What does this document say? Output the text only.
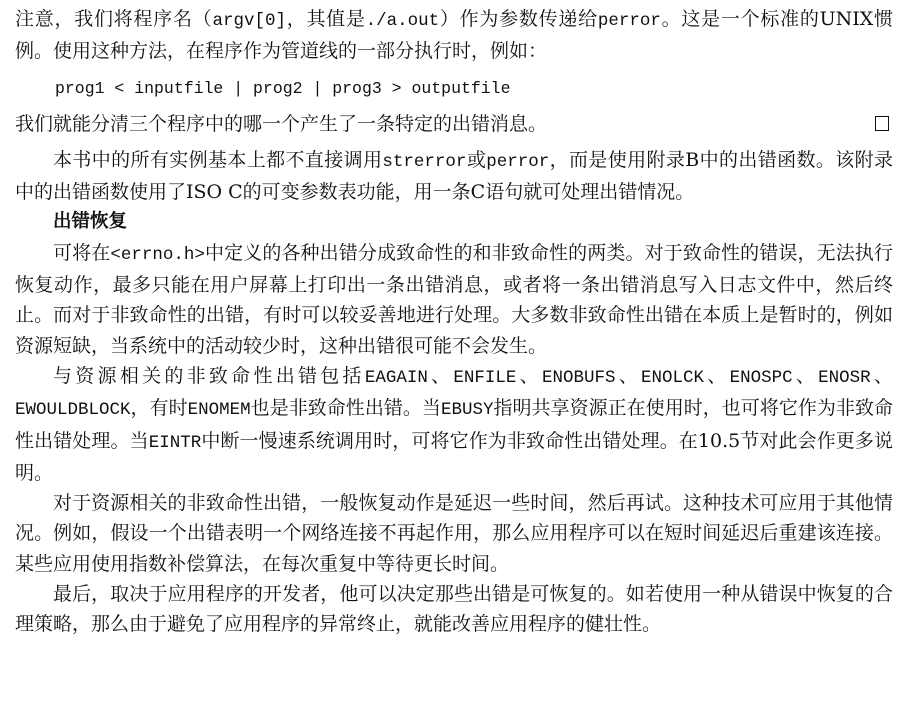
注意，我们将程序名（argv[0]，其值是./a.out）作为参数传递给perror。这是一个标准的UNIX惯例。使用这种方法，在程序作为管道线的一部分执行时，例如：

prog1 < inputfile | prog2 | prog3 > outputfile
我们就能分清三个程序中的哪一个产生了一条特定的出错消息。

本书中的所有实例基本上都不直接调用strerror或perror，而是使用附录B中的出错函数。该附录中的出错函数使用了ISO C的可变参数表功能，用一条C语句就可处理出错情况。

出错恢复

可将在<errno.h>中定义的各种出错分成致命性的和非致命性的两类。对于致命性的错误，无法执行恢复动作，最多只能在用户屏幕上打印出一条出错消息，或者将一条出错消息写入日志文件中，然后终止。而对于非致命性的出错，有时可以较妥善地进行处理。大多数非致命性出错在本质上是暂时的，例如资源短缺，当系统中的活动较少时，这种出错很可能不会发生。

与资源相关的非致命性出错包括EAGAIN、ENFILE、ENOBUFS、ENOLCK、ENOSPC、ENOSR、EWOULDBLOCK，有时ENOMEM也是非致命性出错。当EBUSY指明共享资源正在使用时，也可将它作为非致命性出错处理。当EINTR中断一慢速系统调用时，可将它作为非致命性出错处理。在10.5节对此会作更多说明。

对于资源相关的非致命性出错，一般恢复动作是延迟一些时间，然后再试。这种技术可应用于其他情况。例如，假设一个出错表明一个网络连接不再起作用，那么应用程序可以在短时间延迟后重建该连接。某些应用使用指数补偿算法，在每次重复中等待更长时间。

最后，取决于应用程序的开发者，他可以决定那些出错是可恢复的。如若使用一种从错误中恢复的合理策略，那么由于避免了应用程序的异常终止，就能改善应用程序的健壮性。
